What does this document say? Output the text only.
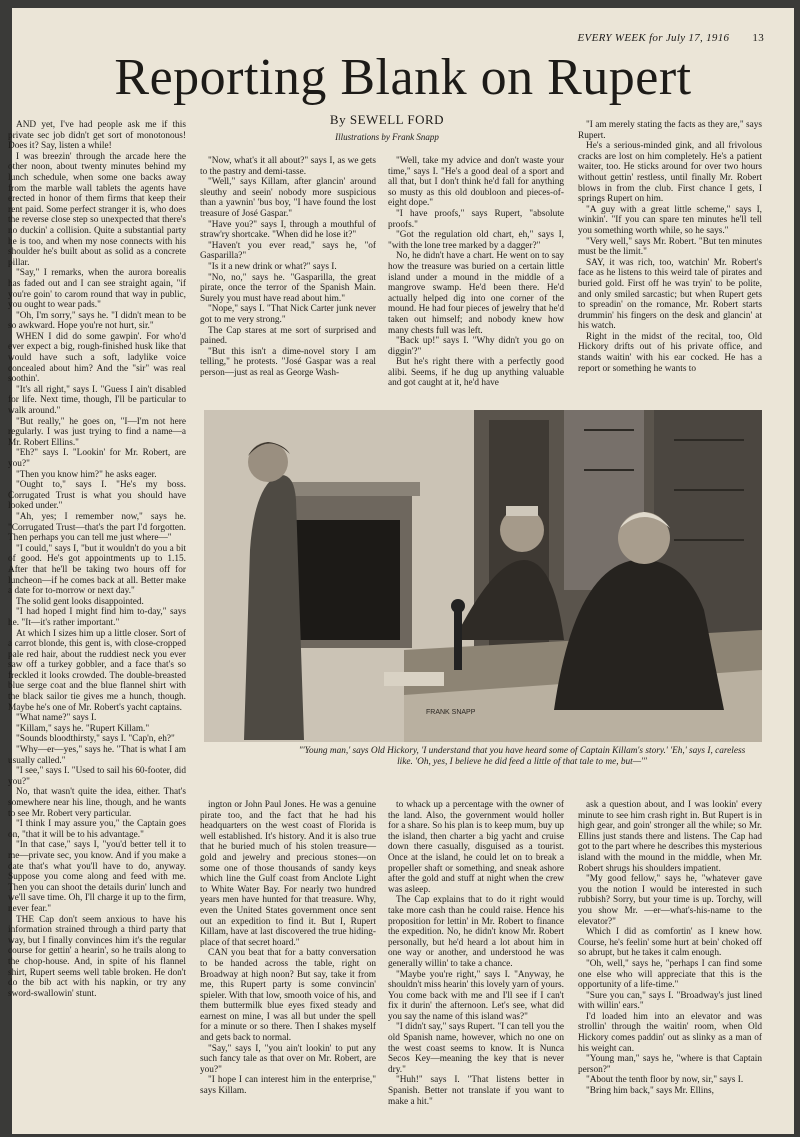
EVERY WEEK for July 17, 1916 13
Reporting Blank on Rupert
By SEWELL FORD
Illustrations by Frank Snapp

AND yet, I've had people ask me if this private sec job didn't get sort of monotonous! Does it? Say, listen a while!

I was breezin' through the arcade here the other noon, about twenty minutes behind my lunch schedule, when some one backs away from the marble wall tablets the agents have erected in honor of them firms that keep their rent paid. Some perfect stranger it is, who does the reverse close step so unexpected that there's no duckin' a collision. Quite a substantial party he is too, and when my nose connects with his shoulder he's built about as solid as a concrete pillar.

"Say," I remarks, when the aurora borealis has faded out and I can see straight again, "if you're goin' to carom round that way in public, you ought to wear pads."

"Oh, I'm sorry," says he. "I didn't mean to be so awkward. Hope you're not hurt, sir."

WHEN I did do some gawpin'. For who'd ever expect a big, rough-finished husk like that would have such a soft, ladylike voice concealed about him? And the "sir" was real soothin'.

"It's all right," says I. "Guess I ain't disabled for life. Next time, though, I'll be particular to walk around."

"But really," he goes on, "I—I'm not here regularly. I was just trying to find a name—a Mr. Robert Ellins."

"Eh?" says I. "Lookin' for Mr. Robert, are you?"

"Then you know him?" he asks eager.

"Ought to," says I. "He's my boss. Corrugated Trust is what you should have looked under."

"Ah, yes; I remember now," says he. "Corrugated Trust—that's the part I'd forgotten. Then perhaps you can tell me just where—"

"I could," says I, "but it wouldn't do you a bit of good. He's got appointments up to 1.15. After that he'll be taking two hours off for luncheon—if he comes back at all. Better make a date for to-morrow or next day."

The solid gent looks disappointed.

"I had hoped I might find him to-day," says he. "It—it's rather important."

At which I sizes him up a little closer. Sort of a carrot blonde, this gent is, with close-cropped pale red hair, about the ruddiest neck you ever saw off a turkey gobbler, and a face that's so freckled it looks crowded. The double-breasted blue serge coat and the blue flannel shirt with the black sailor tie gives me a hunch, though. Maybe he's one of Mr. Robert's yacht captains.

"What name?" says I.

"Killam," says he. "Rupert Killam."

"Sounds bloodthirsty," says I. "Cap'n, eh?"

"Why—er—yes," says he. "That is what I am usually called."

"I see," says I. "Used to sail his 60-footer, did you?"

No, that wasn't quite the idea, either. That's somewhere near his line, though, and he wants to see Mr. Robert very particular.

"I think I may assure you," the Captain goes on, "that it will be to his advantage."

"In that case," says I, "you'd better tell it to me—private sec, you know. And if you make a date that's what you'll have to do, anyway. Suppose you come along and feed with me. Then you can shoot the details durin' lunch and we'll save time. Oh, I'll charge it up to the firm, never fear."

THE Cap don't seem anxious to have his information strained through a third party that way, but I finally convinces him it's the regular course for gettin' a hearin', so he trails along to the chop-house. And, in spite of his flannel shirt, Rupert seems well table broken. He don't do the bib act with his napkin, or try any sword-swallowin' stunt.

"Now, what's it all about?" says I, as we gets to the pastry and demi-tasse.

"Well," says Killam, after glancin' around sleuthy and seein' nobody more suspicious than a yawnin' 'bus boy, "I have found the lost treasure of José Gaspar."

"Have you?" says I, through a mouthful of straw'ry shortcake. "When did he lose it?"

"Haven't you ever read," says he, "of Gasparilla?"

"Is it a new drink or what?" says I.

"No, no," says he. "Gasparilla, the great pirate, once the terror of the Spanish Main. Surely you must have read about him."

"Nope," says I. "That Nick Carter junk never got to me very strong."

The Cap stares at me sort of surprised and pained.

"But this isn't a dime-novel story I am telling," he protests. "José Gaspar was a real person—just as real as George Wash-

"Well, take my advice and don't waste your time," says I. "He's a good deal of a sport and all that, but I don't think he'd fall for anything so musty as this old doubloon and pieces-of-eight dope."

"I have proofs," says Rupert, "absolute proofs."

"Got the regulation old chart, eh," says I, "with the lone tree marked by a dagger?"

No, he didn't have a chart. He went on to say how the treasure was buried on a certain little island under a mound in the middle of a mangrove swamp. He'd been there. He'd actually helped dig into one corner of the mound. He had four pieces of jewelry that he'd taken out himself; and nobody knew how many chests full was left.

"Back up!" says I. "Why didn't you go on diggin'?"

But he's right there with a perfectly good alibi. Seems, if he dug up anything valuable and got caught at it, he'd have

"I am merely stating the facts as they are," says Rupert.

He's a serious-minded gink, and all frivolous cracks are lost on him completely. He's a patient waiter, too. He sticks around for over two hours without gettin' restless, until finally Mr. Robert blows in from the club. First chance I gets, I springs Rupert on him.

"A guy with a great little scheme," says I, winkin'. "If you can spare ten minutes he'll tell you something worth while, so he says."

"Very well," says Mr. Robert. "But ten minutes must be the limit."

SAY, it was rich, too, watchin' Mr. Robert's face as he listens to this weird tale of pirates and buried gold. First off he was tryin' to be polite, and only smiled sarcastic; but when Rupert gets to spreadin' on the romance, Mr. Robert starts drummin' his fingers on the desk and glancin' at his watch.

Right in the midst of the recital, too, Old Hickory drifts out of his private office, and stands waitin' with his ear cocked. He has a report or something he wants to

FRANK SNAPP
"'Young man,' says Old Hickory, 'I understand that you have heard some of Captain Killam's story.' 'Eh,' says I, careless like. 'Oh, yes, I believe he did feed a little of that tale to me, but—'"

ington or John Paul Jones. He was a genuine pirate too, and the fact that he had his headquarters on the west coast of Florida is well established. It's history. And it is also true that he buried much of his stolen treasure—gold and jewelry and precious stones—on some one of those thousands of sandy keys which line the Gulf coast from Anclote Light to White Water Bay. For nearly two hundred years men have hunted for that treasure. Why, even the United States government once sent out an expedition to find it. But I, Rupert Killam, have at last discovered the true hiding-place of that secret hoard."

CAN you beat that for a batty conversation to be handed across the table, right on Broadway at high noon? But say, take it from me, this Rupert party is some convincin' spieler. With that low, smooth voice of his, and them buttermilk blue eyes fixed steady and earnest on mine, I was all but under the spell for a minute or so there. Then I shakes myself and gets back to normal.

"Say," says I, "you ain't lookin' to put any such fancy tale as that over on Mr. Robert, are you?"

"I hope I can interest him in the enterprise," says Killam.

to whack up a percentage with the owner of the land. Also, the government would holler for a share. So his plan is to keep mum, buy up the island, then charter a big yacht and cruise down there casually, disguised as a tourist. Once at the island, he could let on to break a propeller shaft or something, and sneak ashore after the gold and stuff at night when the crew was asleep.

The Cap explains that to do it right would take more cash than he could raise. Hence his proposition for lettin' in Mr. Robert to finance the expedition. No, he didn't know Mr. Robert personally, but he'd heard a lot about him in one way or another, and understood he was generally willin' to take a chance.

"Maybe you're right," says I. "Anyway, he shouldn't miss hearin' this lovely yarn of yours. You come back with me and I'll see if I can't fix it durin' the afternoon. Let's see, what did you say the name of this island was?"

"I didn't say," says Rupert. "I can tell you the old Spanish name, however, which no one on the west coast seems to know. It is Nunca Secos Key—meaning the key that is never dry."

"Huh!" says I. "That listens better in Spanish. Better not translate if you want to make a hit."

ask a question about, and I was lookin' every minute to see him crash right in. But Rupert is in high gear, and goin' stronger all the while; so Mr. Ellins just stands there and listens. The Cap had got to the part where he describes this mysterious island with the mound in the middle, when Mr. Robert shrugs his shoulders impatient.

"My good fellow," says he, "whatever gave you the notion I would be interested in such rubbish? Sorry, but your time is up. Torchy, will you show Mr. —er—what's-his-name to the elevator?"

Which I did as comfortin' as I knew how. Course, he's feelin' some hurt at bein' choked off so abrupt, but he takes it calm enough.

"Oh, well," says he, "perhaps I can find some one else who will appreciate that this is the opportunity of a life-time."

"Sure you can," says I. "Broadway's just lined with willin' ears."

I'd loaded him into an elevator and was strollin' through the waitin' room, when Old Hickory comes paddin' out as slinky as a man of his weight can.

"Young man," says he, "where is that Captain person?"

"About the tenth floor by now, sir," says I.

"Bring him back," says Mr. Ellins,
